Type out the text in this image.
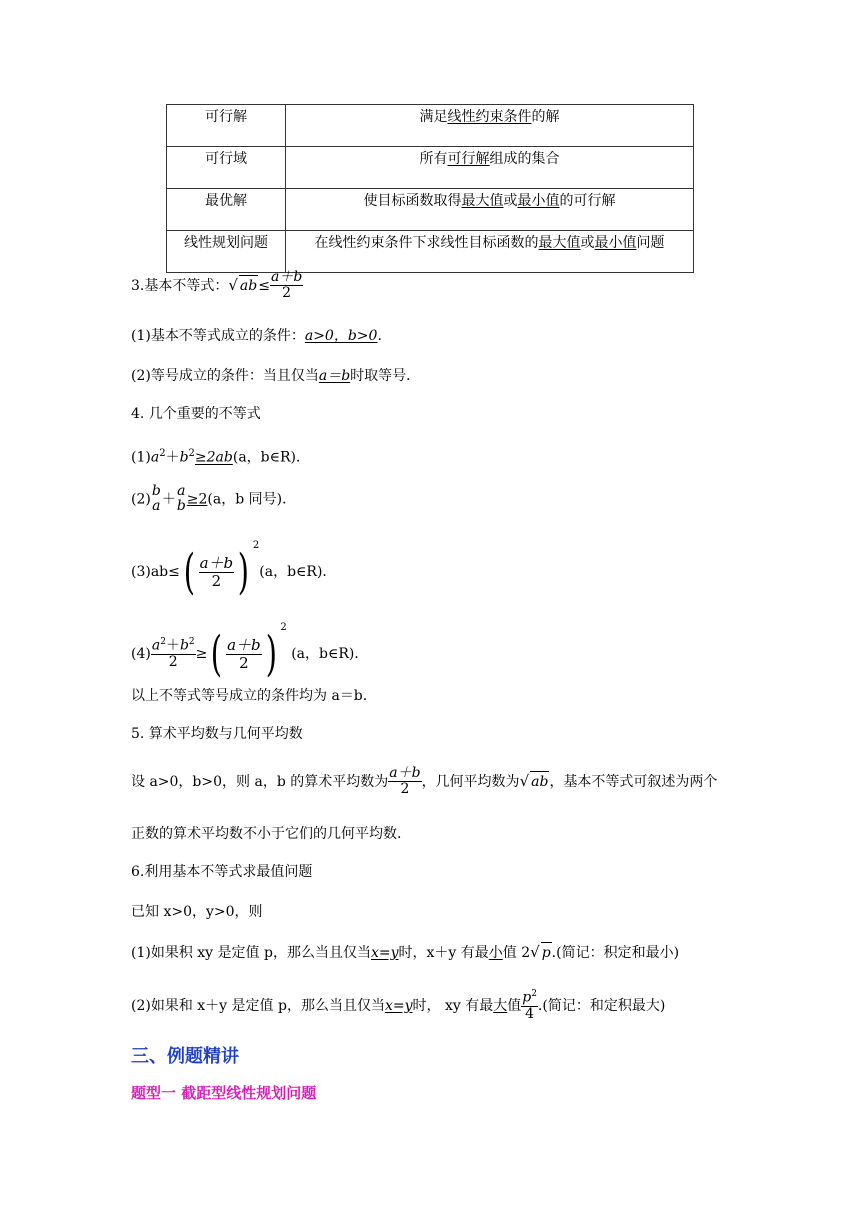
可行解	满足线性约束条件的解
可行域	所有可行解组成的集合
最优解	使目标函数取得最大值或最小值的可行解
线性规划问题	在线性约束条件下求线性目标函数的最大值或最小值问题
3.基本不等式：√ $ab\le \frac{a+b}{2}$
(1)基本不等式成立的条件：a>0，b>0.
(2)等号成立的条件：当且仅当a＝b时取等号．
4. 几个重要的不等式
$(1)a^2+b^2\ge 2ab(a$，b∈R)．
(2)
b
a ＋
a
b ≥2(a，b 同号)．
$(3)ab\le( \frac{a+b}{2}$ ) $^2$(a，b∈R)．
$(4) \frac{a^2+b^2}{2}$ ≥( $\frac{a+b}{2}$ ) $^2$ (a，b∈R)．
以上不等式等号成立的条件均为 a＝b.
5. 算术平均数与几何平均数
设 a>0，b>0，则 a，b 的算术平均数为 $\frac{a+b}{2}$ ，几何平均数为√ ab，基本不等式可叙述为两个
正数的算术平均数不小于它们的几何平均数.
6.利用基本不等式求最值问题
已知 x>0，y>0，则
(1)如果积 xy 是定值 p，那么当且仅当x=y时，x＋y 有最小值 2√ p.(简记：积定和最小)
(2)如果和 x＋y 是定值 p，那么当且仅当x=y时， xy 有最大值 $\frac{p^2}{4}$ .(简记：和定积最大)
三、例题精讲
题型一 截距型线性规划问题
